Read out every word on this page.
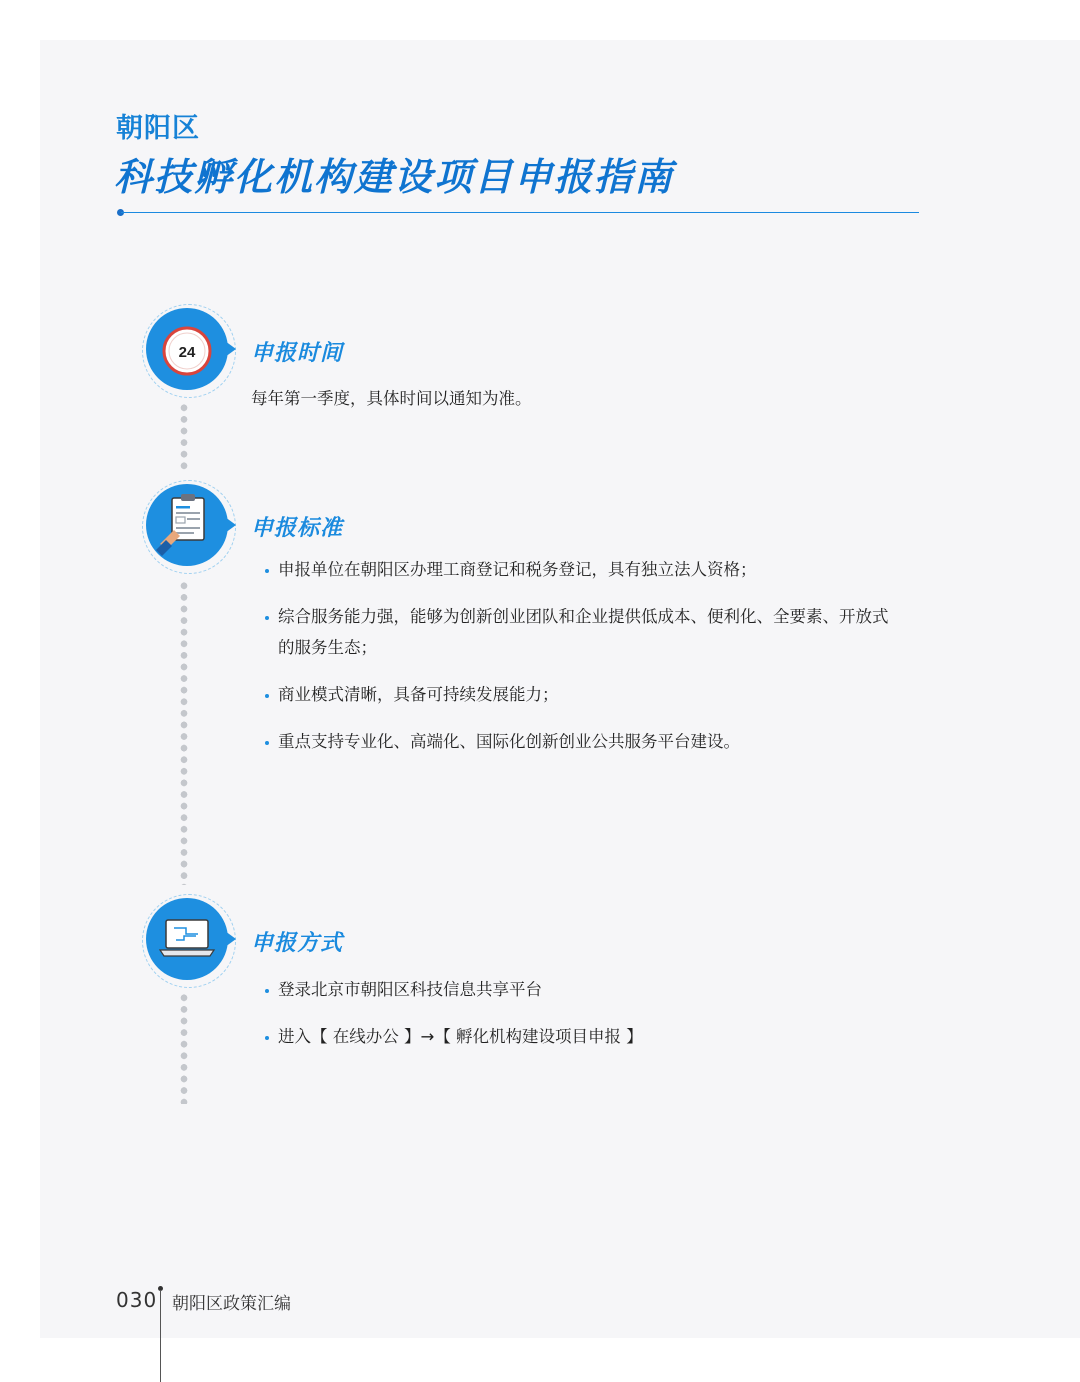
朝阳区
科技孵化机构建设项目申报指南
24	申报时间
每年第一季度，具体时间以通知为准。
申报标准
申报单位在朝阳区办理工商登记和税务登记，具有独立法人资格；
综合服务能力强，能够为创新创业团队和企业提供低成本、便利化、全要素、开放式的服务生态；
商业模式清晰，具备可持续发展能力；
重点支持专业化、高端化、国际化创新创业公共服务平台建设。
申报方式
登录北京市朝阳区科技信息共享平台
进入【 在线办公 】→【 孵化机构建设项目申报 】
030 朝阳区政策汇编
